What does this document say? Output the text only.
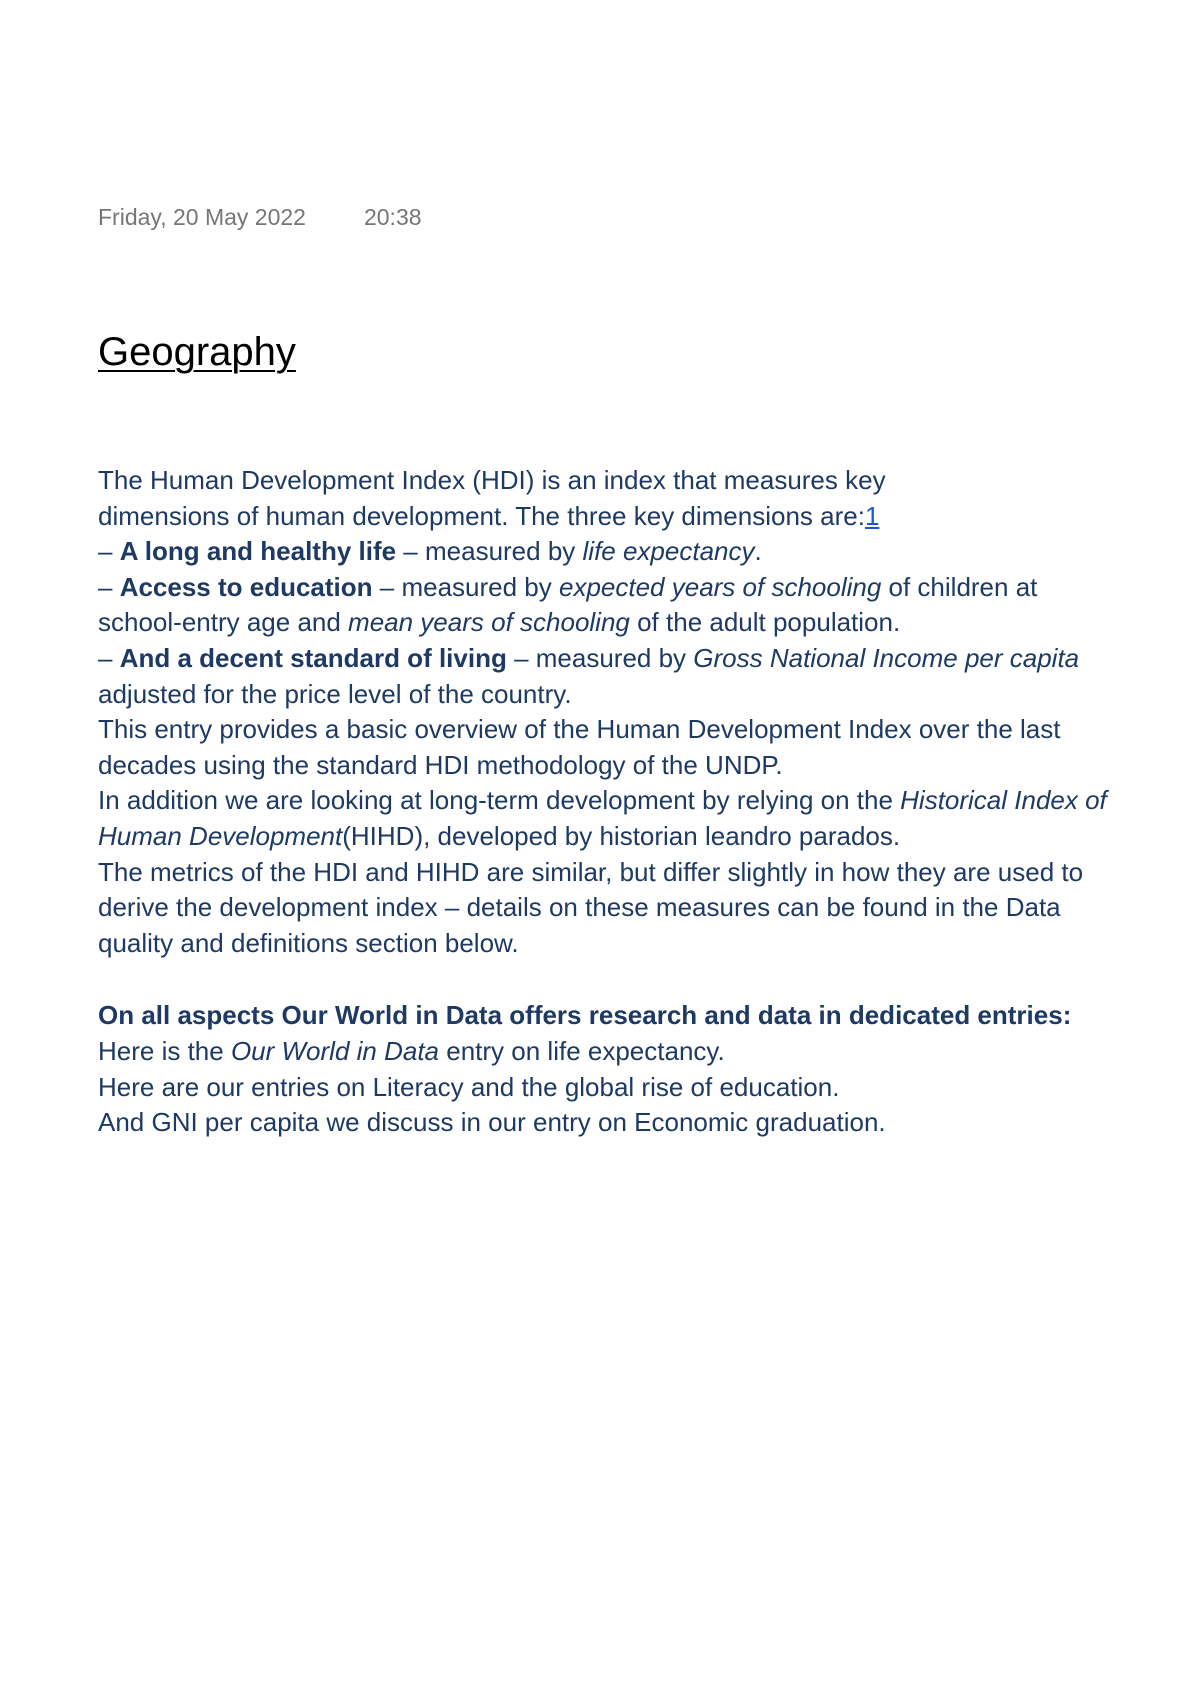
Friday, 20 May 2022	20:38
Geography

The Human Development Index (HDI) is an index that measures key
dimensions of human development. The three key dimensions are:1

– A long and healthy life – measured by life expectancy.

– Access to education – measured by expected years of schooling of children at school-entry age and mean years of schooling of the adult population.

– And a decent standard of living – measured by Gross National Income per capita adjusted for the price level of the country.

This entry provides a basic overview of the Human Development Index over the last decades using the standard HDI methodology of the UNDP.

In addition we are looking at long-term development by relying on the Historical Index of Human Development(HIHD), developed by historian leandro parados.

The metrics of the HDI and HIHD are similar, but differ slightly in how they are used to derive the development index – details on these measures can be found in the Data quality and definitions section below.

On all aspects Our World in Data offers research and data in dedicated entries:

Here is the Our World in Data entry on life expectancy.

Here are our entries on Literacy and the global rise of education.

And GNI per capita we discuss in our entry on Economic graduation.
